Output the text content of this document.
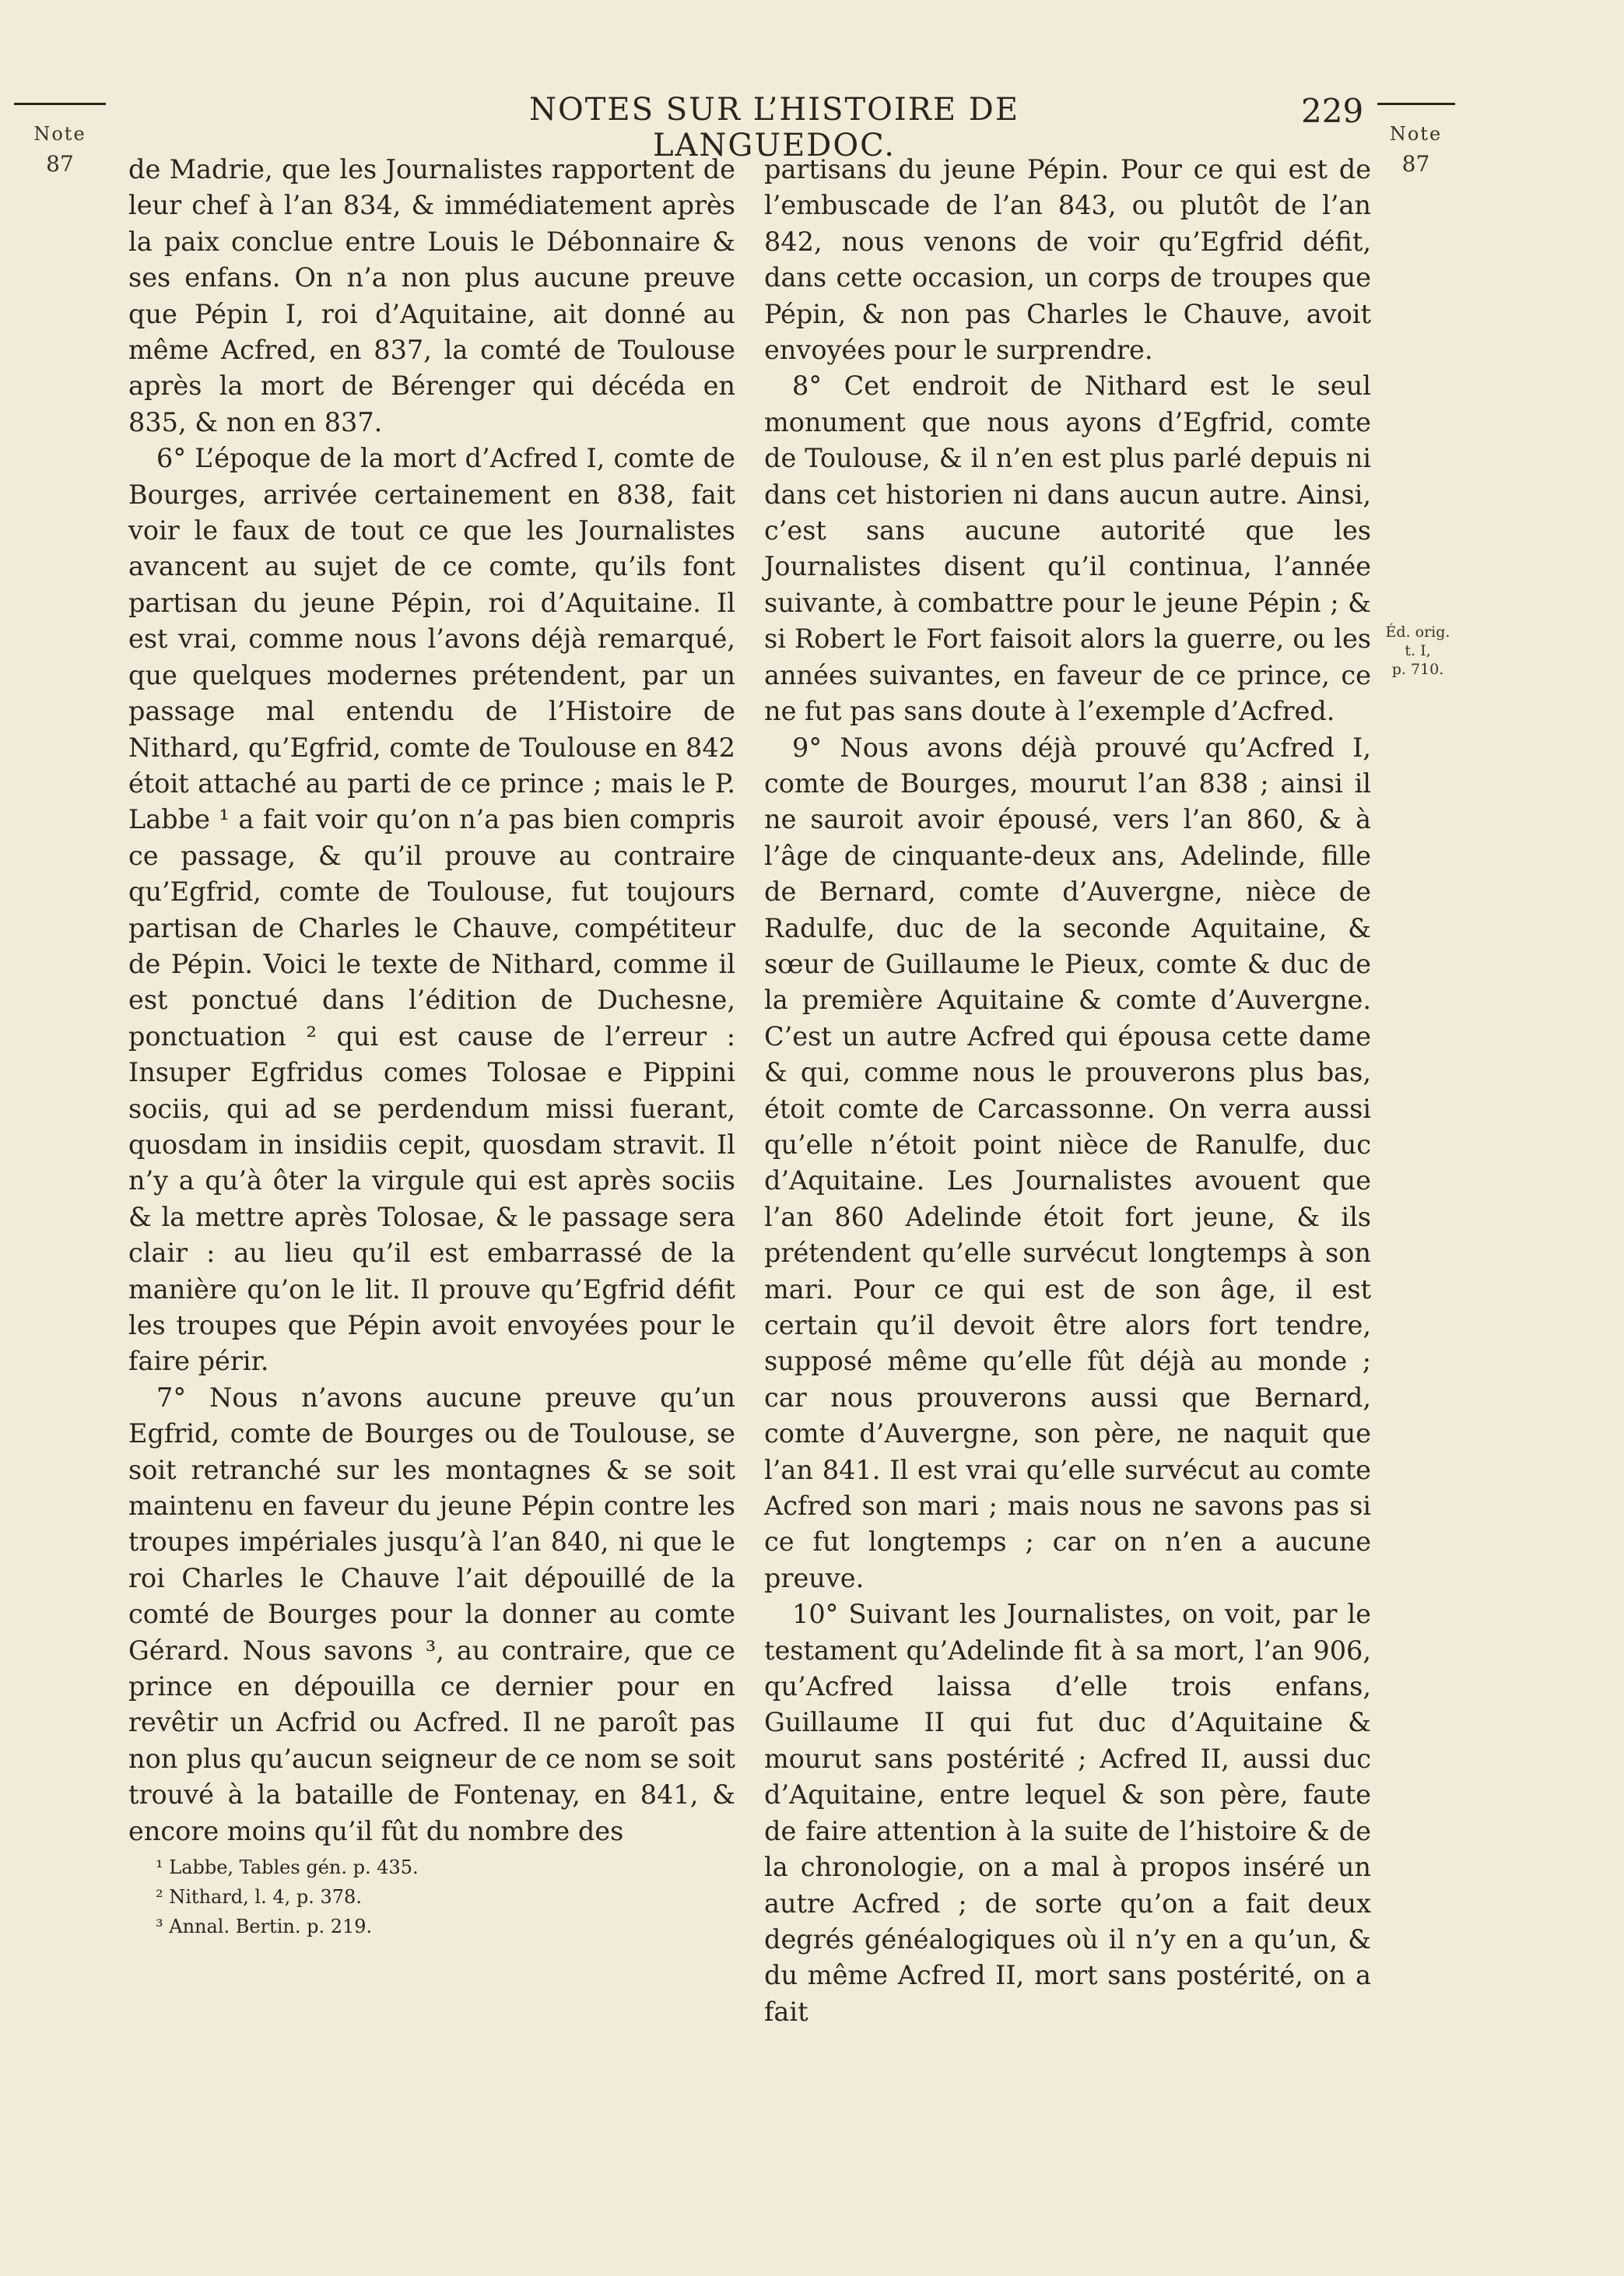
Note
87
Note
87
NOTES SUR L’HISTOIRE DE LANGUEDOC.
229

de Madrie, que les Journalistes rapportent de leur chef à l’an 834, & immédiatement après la paix conclue entre Louis le Débonnaire & ses enfans. On n’a non plus aucune preuve que Pépin I, roi d’Aquitaine, ait donné au même Acfred, en 837, la comté de Toulouse après la mort de Bérenger qui décéda en 835, & non en 837.

6° L’époque de la mort d’Acfred I, comte de Bourges, arrivée certainement en 838, fait voir le faux de tout ce que les Journalistes avancent au sujet de ce comte, qu’ils font partisan du jeune Pépin, roi d’Aquitaine. Il est vrai, comme nous l’avons déjà remarqué, que quelques modernes prétendent, par un passage mal entendu de l’Histoire de Nithard, qu’Egfrid, comte de Toulouse en 842 étoit attaché au parti de ce prince ; mais le P. Labbe ¹ a fait voir qu’on n’a pas bien compris ce passage, & qu’il prouve au contraire qu’Egfrid, comte de Toulouse, fut toujours partisan de Charles le Chauve, compétiteur de Pépin. Voici le texte de Nithard, comme il est ponctué dans l’édition de Duchesne, ponctuation ² qui est cause de l’erreur : Insuper Egfridus comes Tolosae e Pippini sociis, qui ad se perdendum missi fuerant, quosdam in insidiis cepit, quosdam stravit. Il n’y a qu’à ôter la virgule qui est après sociis & la mettre après Tolosae, & le passage sera clair : au lieu qu’il est embarrassé de la manière qu’on le lit. Il prouve qu’Egfrid défit les troupes que Pépin avoit envoyées pour le faire périr.

7° Nous n’avons aucune preuve qu’un Egfrid, comte de Bourges ou de Toulouse, se soit retranché sur les montagnes & se soit maintenu en faveur du jeune Pépin contre les troupes impériales jusqu’à l’an 840, ni que le roi Charles le Chauve l’ait dépouillé de la comté de Bourges pour la donner au comte Gérard. Nous savons ³, au contraire, que ce prince en dépouilla ce dernier pour en revêtir un Acfrid ou Acfred. Il ne paroît pas non plus qu’aucun seigneur de ce nom se soit trouvé à la bataille de Fontenay, en 841, & encore moins qu’il fût du nombre des

partisans du jeune Pépin. Pour ce qui est de l’embuscade de l’an 843, ou plutôt de l’an 842, nous venons de voir qu’Egfrid défit, dans cette occasion, un corps de troupes que Pépin, & non pas Charles le Chauve, avoit envoyées pour le surprendre.

8° Cet endroit de Nithard est le seul monument que nous ayons d’Egfrid, comte de Toulouse, & il n’en est plus parlé depuis ni dans cet historien ni dans aucun autre. Ainsi, c’est sans aucune autorité que les Journalistes disent qu’il continua, l’année suivante, à combattre pour le jeune Pépin ; & si Robert le Fort faisoit alors la guerre, ou les années suivantes, en faveur de ce prince, ce ne fut pas sans doute à l’exemple d’Acfred.

9° Nous avons déjà prouvé qu’Acfred I, comte de Bourges, mourut l’an 838 ; ainsi il ne sauroit avoir épousé, vers l’an 860, & à l’âge de cinquante-deux ans, Adelinde, fille de Bernard, comte d’Auvergne, nièce de Radulfe, duc de la seconde Aquitaine, & sœur de Guillaume le Pieux, comte & duc de la première Aquitaine & comte d’Auvergne. C’est un autre Acfred qui épousa cette dame & qui, comme nous le prouverons plus bas, étoit comte de Carcassonne. On verra aussi qu’elle n’étoit point nièce de Ranulfe, duc d’Aquitaine. Les Journalistes avouent que l’an 860 Adelinde étoit fort jeune, & ils prétendent qu’elle survécut longtemps à son mari. Pour ce qui est de son âge, il est certain qu’il devoit être alors fort tendre, supposé même qu’elle fût déjà au monde ; car nous prouverons aussi que Bernard, comte d’Auvergne, son père, ne naquit que l’an 841. Il est vrai qu’elle survécut au comte Acfred son mari ; mais nous ne savons pas si ce fut longtemps ; car on n’en a aucune preuve.

10° Suivant les Journalistes, on voit, par le testament qu’Adelinde fit à sa mort, l’an 906, qu’Acfred laissa d’elle trois enfans, Guillaume II qui fut duc d’Aquitaine & mourut sans postérité ; Acfred II, aussi duc d’Aquitaine, entre lequel & son père, faute de faire attention à la suite de l’histoire & de la chronologie, on a mal à propos inséré un autre Acfred ; de sorte qu’on a fait deux degrés généalogiques où il n’y en a qu’un, & du même Acfred II, mort sans postérité, on a fait

Éd. orig.
t. I,
p. 710.
¹ Labbe, Tables gén. p. 435.
² Nithard, l. 4, p. 378.
³ Annal. Bertin. p. 219.
